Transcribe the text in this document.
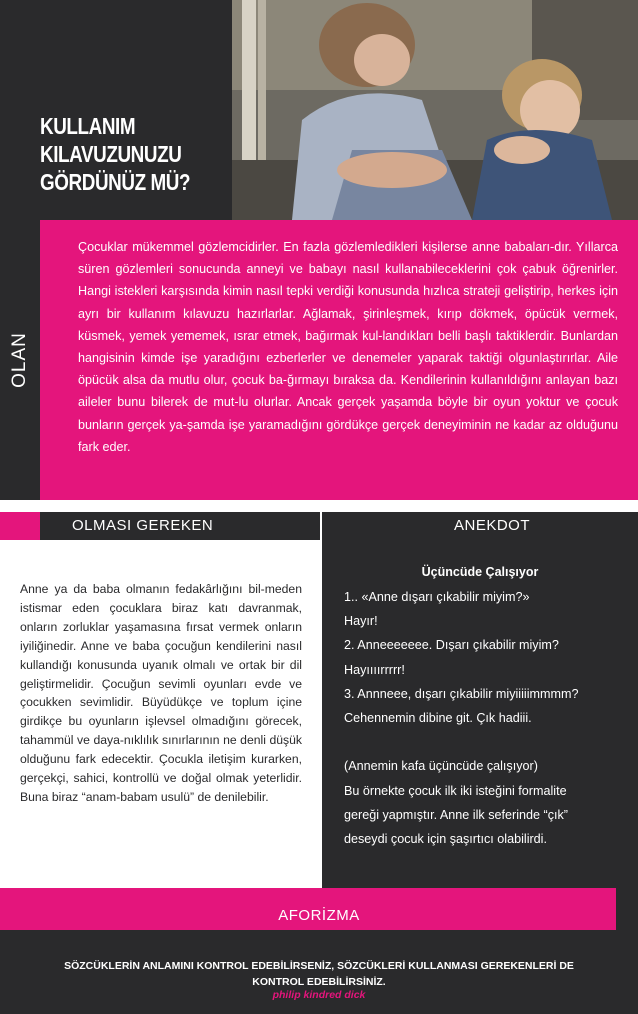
KULLANIM
KILAVUZUNUZU
GÖRDÜNÜZ MÜ?
OLAN
Çocuklar mükemmel gözlemcidirler. En fazla gözlemledikleri kişilerse anne babaları-dır. Yıllarca süren gözlemleri sonucunda anneyi ve babayı nasıl kullanabileceklerini çok çabuk öğrenirler. Hangi istekleri karşısında kimin nasıl tepki verdiği konusunda hızlıca strateji geliştirip, herkes için ayrı bir kullanım kılavuzu hazırlarlar. Ağlamak, şirinleşmek, kırıp dökmek, öpücük vermek, küsmek, yemek yememek, ısrar etmek, bağırmak kul-landıkları belli başlı taktiklerdir. Bunlardan hangisinin kimde işe yaradığını ezberlerler ve denemeler yaparak taktiği olgunlaştırırlar. Aile öpücük alsa da mutlu olur, çocuk ba-ğırmayı bıraksa da. Kendilerinin kullanıldığını anlayan bazı aileler bunu bilerek de mut-lu olurlar. Ancak gerçek yaşamda böyle bir oyun yoktur ve çocuk bunların gerçek ya-şamda işe yaramadığını gördükçe gerçek deneyiminin ne kadar az olduğunu fark eder.
OLMASI GEREKEN	ANEKDOT
Anne ya da baba olmanın fedakârlığını bil-meden istismar eden çocuklara biraz katı davranmak, onların zorluklar yaşamasına fırsat vermek onların iyiliğinedir. Anne ve baba çocuğun kendilerini nasıl kullandığı konusunda uyanık olmalı ve ortak bir dil geliştirmelidir. Çocuğun sevimli oyunları evde ve çocukken sevimlidir. Büyüdükçe ve toplum içine girdikçe bu oyunların işlevsel olmadığını görecek, tahammül ve daya-nıklılık sınırlarının ne denli düşük olduğunu fark edecektir. Çocukla iletişim kurarken, gerçekçi, sahici, kontrollü ve doğal olmak yeterlidir. Buna biraz “anam-babam usulü” de denilebilir.
Üçüncüde Çalışıyor
1.. «Anne dışarı çıkabilir miyim?»
Hayır!
2. Anneeeeeee. Dışarı çıkabilir miyim?
Hayıııırrrrr!
3. Annneee, dışarı çıkabilir miyiiiiimmmm?
Cehennemin dibine git. Çık hadiii.
(Annemin kafa üçüncüde çalışıyor)
Bu örnekte çocuk ilk iki isteğini formalite
gereği yapmıştır. Anne ilk seferinde “çık”
deseydi çocuk için şaşırtıcı olabilirdi.
AFORİZMA
SÖZCÜKLERİN ANLAMINI KONTROL EDEBİLİRSENİZ, SÖZCÜKLERİ KULLANMASI GEREKENLERİ DE KONTROL EDEBİLİRSİNİZ.
philip kindred dick
